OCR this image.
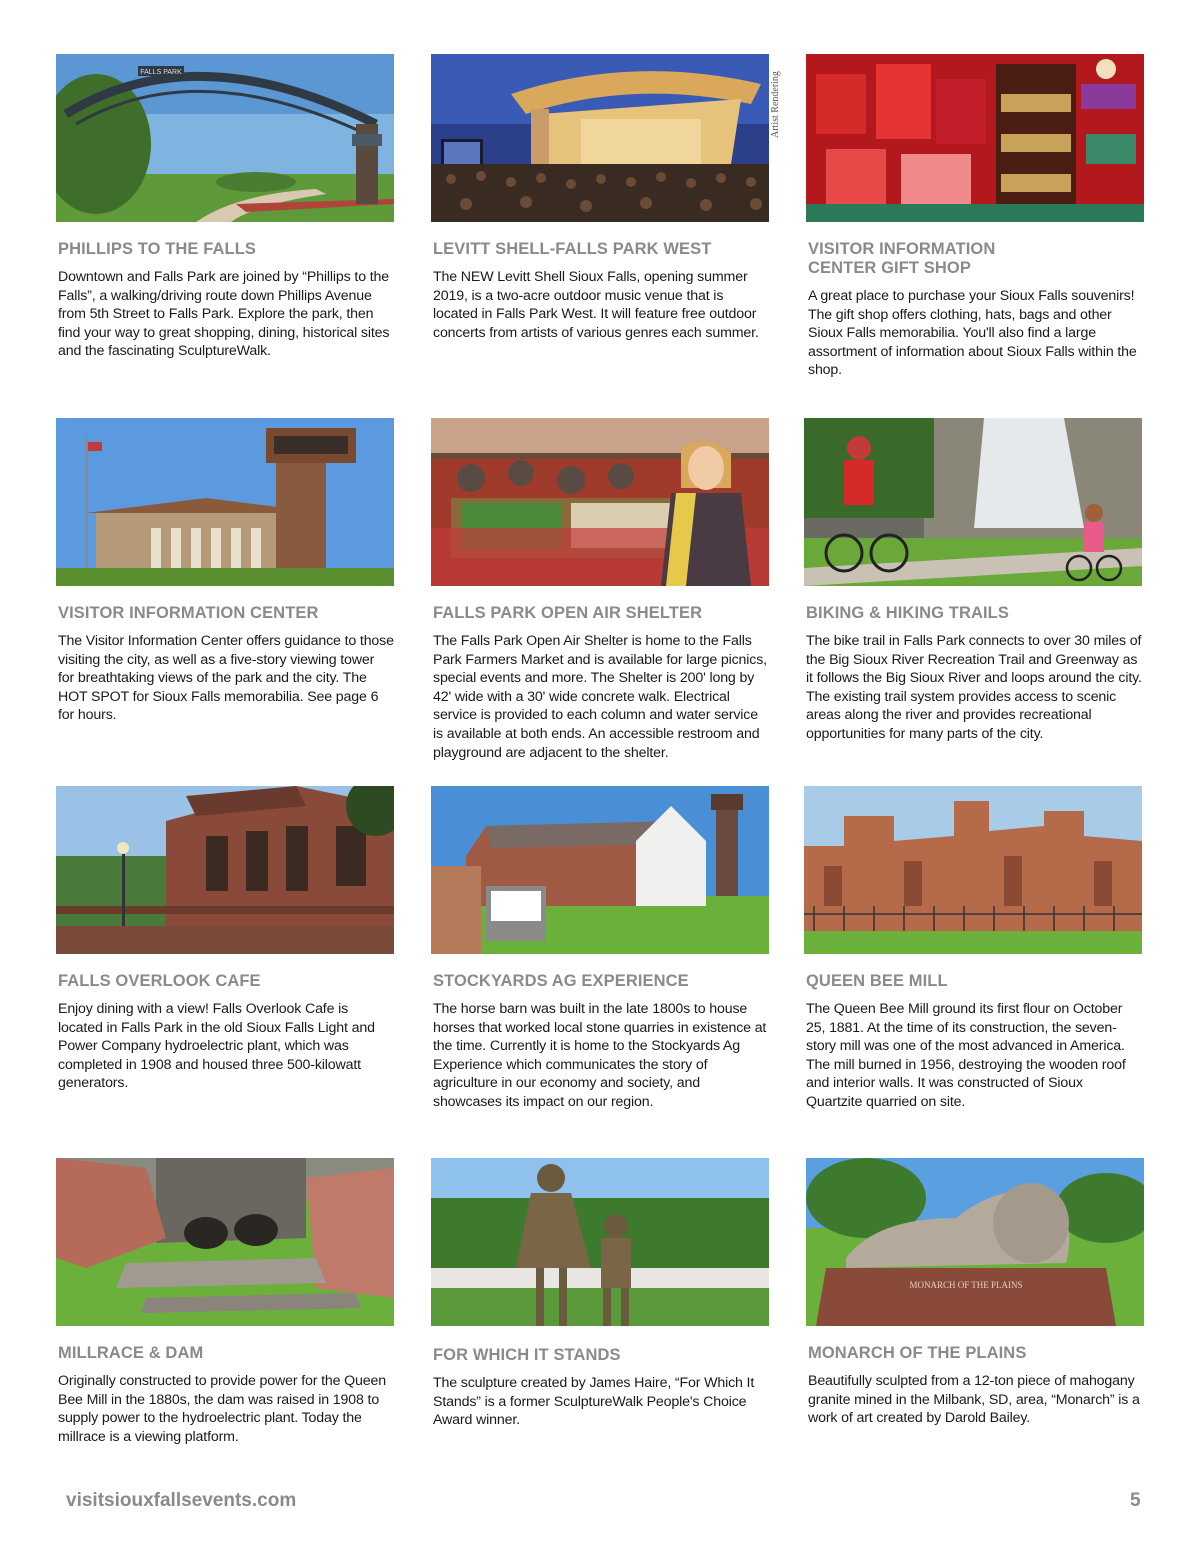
FALLS PARK
PHILLIPS TO THE FALLS
Downtown and Falls Park are joined by “Phillips to the Falls”, a walking/driving route down Phillips Avenue from 5th Street to Falls Park. Explore the park, then find your way to great shopping, dining, historical sites and the fascinating SculptureWalk.
LEVITT SHELL-FALLS PARK WEST
The NEW Levitt Shell Sioux Falls, opening summer 2019, is a two-acre outdoor music venue that is located in Falls Park West. It will feature free outdoor concerts from artists of various genres each summer.
Artist Rendering
VISITOR INFORMATION
CENTER GIFT SHOP
A great place to purchase your Sioux Falls souvenirs! The gift shop offers clothing, hats, bags and other Sioux Falls memorabilia. You'll also find a large assortment of information about Sioux Falls within the shop.
VISITOR INFORMATION CENTER
The Visitor Information Center offers guidance to those visiting the city, as well as a five-story viewing tower for breathtaking views of the park and the city. The HOT SPOT for Sioux Falls memorabilia. See page 6 for hours.
FALLS PARK OPEN AIR SHELTER
The Falls Park Open Air Shelter is home to the Falls Park Farmers Market and is available for large picnics, special events and more. The Shelter is 200' long by 42' wide with a 30' wide concrete walk. Electrical service is provided to each column and water service is available at both ends. An accessible restroom and playground are adjacent to the shelter.
BIKING & HIKING TRAILS
The bike trail in Falls Park connects to over 30 miles of the Big Sioux River Recreation Trail and Greenway as it follows the Big Sioux River and loops around the city. The existing trail system provides access to scenic areas along the river and provides recreational opportunities for many parts of the city.
FALLS OVERLOOK CAFE
Enjoy dining with a view! Falls Overlook Cafe is located in Falls Park in the old Sioux Falls Light and Power Company hydroelectric plant, which was completed in 1908 and housed three 500-kilowatt generators.
STOCKYARDS AG EXPERIENCE
The horse barn was built in the late 1800s to house horses that worked local stone quarries in existence at the time. Currently it is home to the Stockyards Ag Experience which communicates the story of agriculture in our economy and society, and showcases its impact on our region.
QUEEN BEE MILL
The Queen Bee Mill ground its first flour on October 25, 1881. At the time of its construction, the seven-story mill was one of the most advanced in America. The mill burned in 1956, destroying the wooden roof and interior walls. It was constructed of Sioux Quartzite quarried on site.
MILLRACE & DAM
Originally constructed to provide power for the Queen Bee Mill in the 1880s, the dam was raised in 1908 to supply power to the hydroelectric plant. Today the millrace is a viewing platform.
FOR WHICH IT STANDS
The sculpture created by James Haire, “For Which It Stands” is a former SculptureWalk People's Choice Award winner.
MONARCH OF THE PLAINS
MONARCH OF THE PLAINS
Beautifully sculpted from a 12-ton piece of mahogany granite mined in the Milbank, SD, area, “Monarch” is a work of art created by Darold Bailey.
visitsiouxfallsevents.com	5
